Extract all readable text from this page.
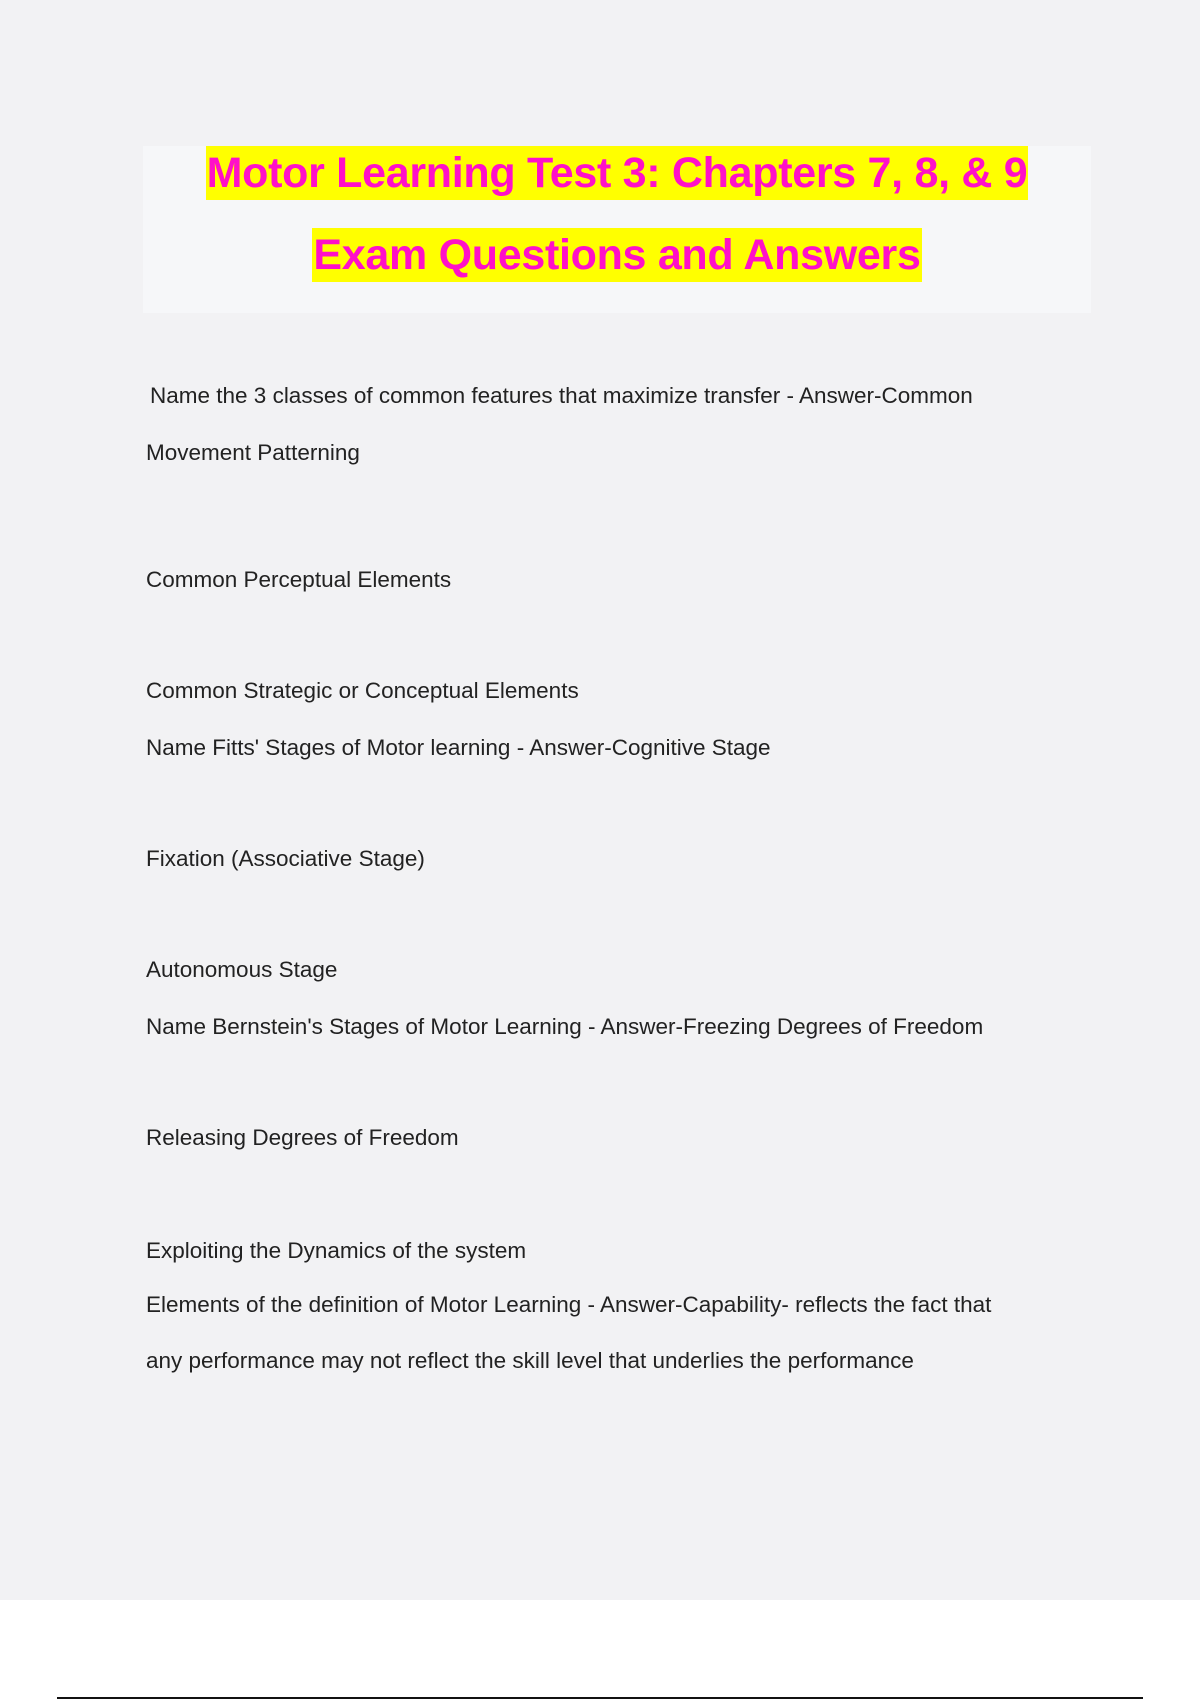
Motor Learning Test 3: Chapters 7, 8, & 9
Exam Questions and Answers

Name the 3 classes of common features that maximize transfer - Answer-Common

Movement Patterning

Common Perceptual Elements

Common Strategic or Conceptual Elements

Name Fitts' Stages of Motor learning - Answer-Cognitive Stage

Fixation (Associative Stage)

Autonomous Stage

Name Bernstein's Stages of Motor Learning - Answer-Freezing Degrees of Freedom

Releasing Degrees of Freedom

Exploiting the Dynamics of the system

Elements of the definition of Motor Learning - Answer-Capability- reflects the fact that

any performance may not reflect the skill level that underlies the performance
